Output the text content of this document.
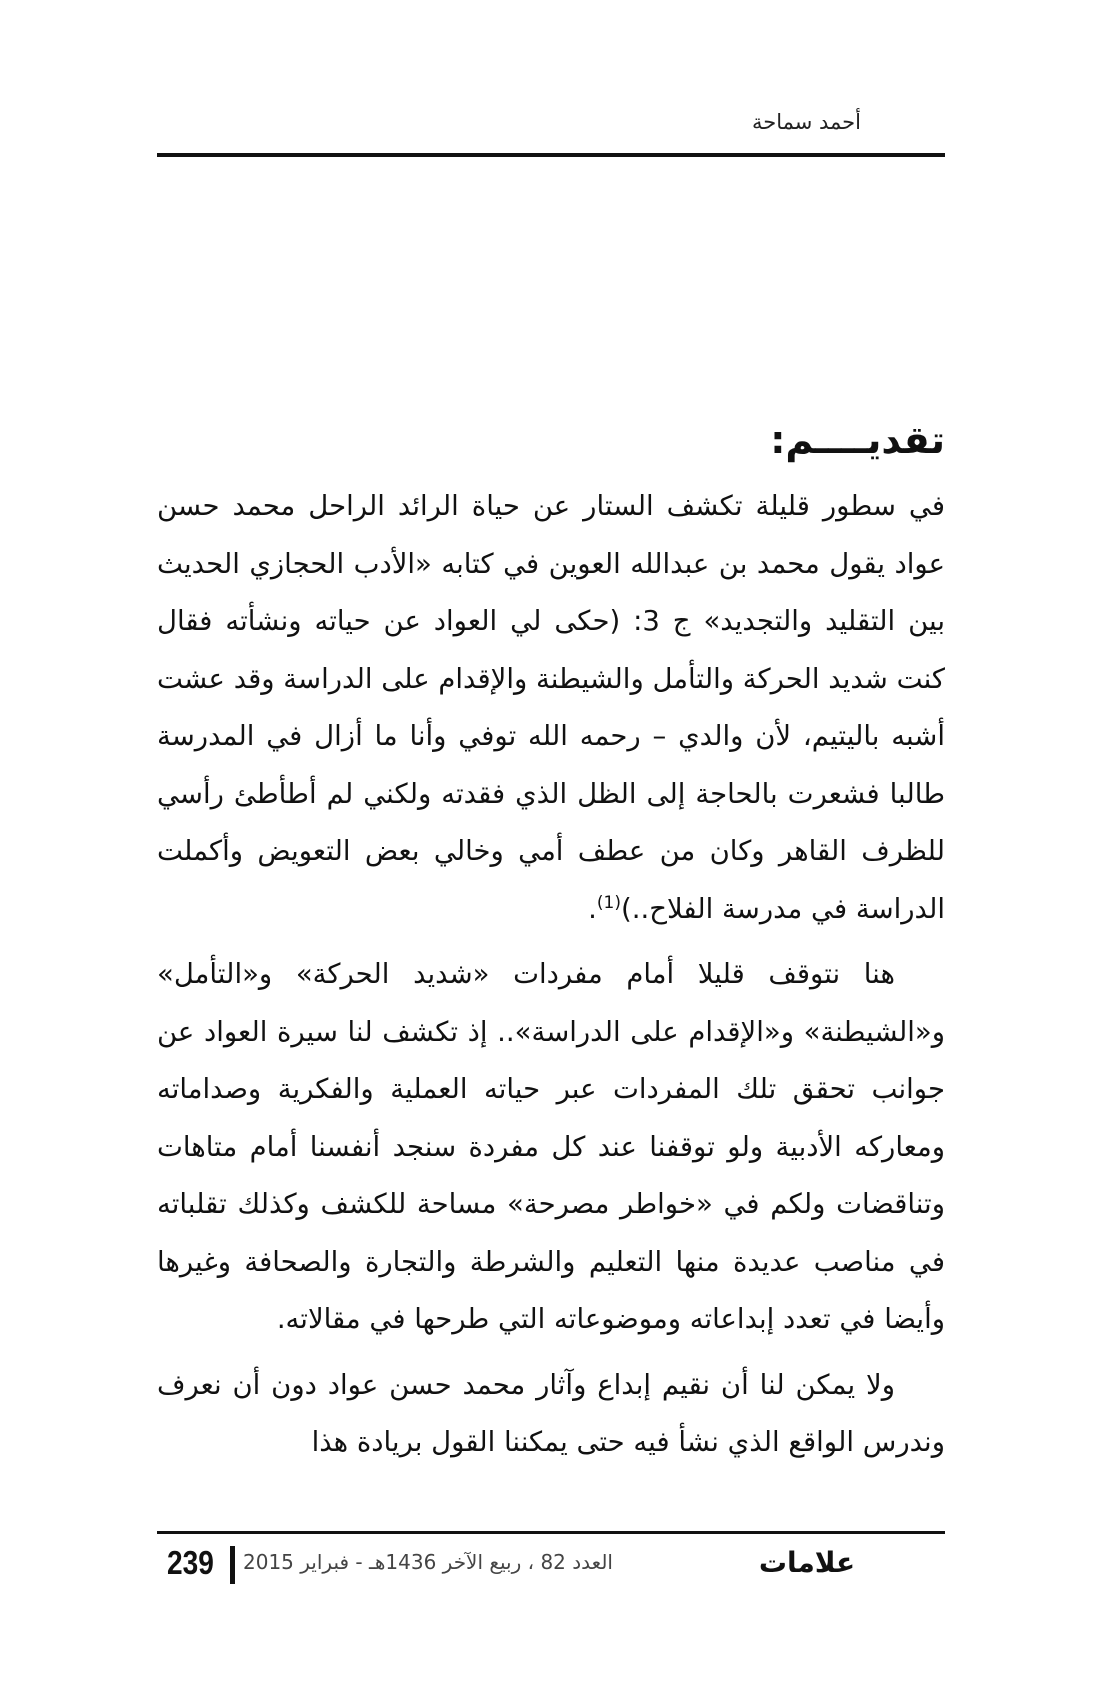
أحمد سماحة
تقديــــم:

في سطور قليلة تكشف الستار عن حياة الرائد الراحل محمد حسن عواد يقول محمد بن عبدالله العوين في كتابه «الأدب الحجازي الحديث بين التقليد والتجديد» ج 3: (حكى لي العواد عن حياته ونشأته فقال كنت شديد الحركة والتأمل والشيطنة والإقدام على الدراسة وقد عشت أشبه باليتيم، لأن والدي – رحمه الله توفي وأنا ما أزال في المدرسة طالبا فشعرت بالحاجة إلى الظل الذي فقدته ولكني لم أطأطئ رأسي للظرف القاهر وكان من عطف أمي وخالي بعض التعويض وأكملت الدراسة في مدرسة الفلاح..)$^{(1)}$.

هنا نتوقف قليلا أمام مفردات «شديد الحركة» و«التأمل» و«الشيطنة» و«الإقدام على الدراسة».. إذ تكشف لنا سيرة العواد عن جوانب تحقق تلك المفردات عبر حياته العملية والفكرية وصداماته ومعاركه الأدبية ولو توقفنا عند كل مفردة سنجد أنفسنا أمام متاهات وتناقضات ولكم في «خواطر مصرحة» مساحة للكشف وكذلك تقلباته في مناصب عديدة منها التعليم والشرطة والتجارة والصحافة وغيرها وأيضا في تعدد إبداعاته وموضوعاته التي طرحها في مقالاته.

ولا يمكن لنا أن نقيم إبداع وآثار محمد حسن عواد دون أن نعرف وندرس الواقع الذي نشأ فيه حتى يمكننا القول بريادة هذا

239 العدد 82 ، ربيع الآخر 1436هـ - فبراير 2015	علامات
